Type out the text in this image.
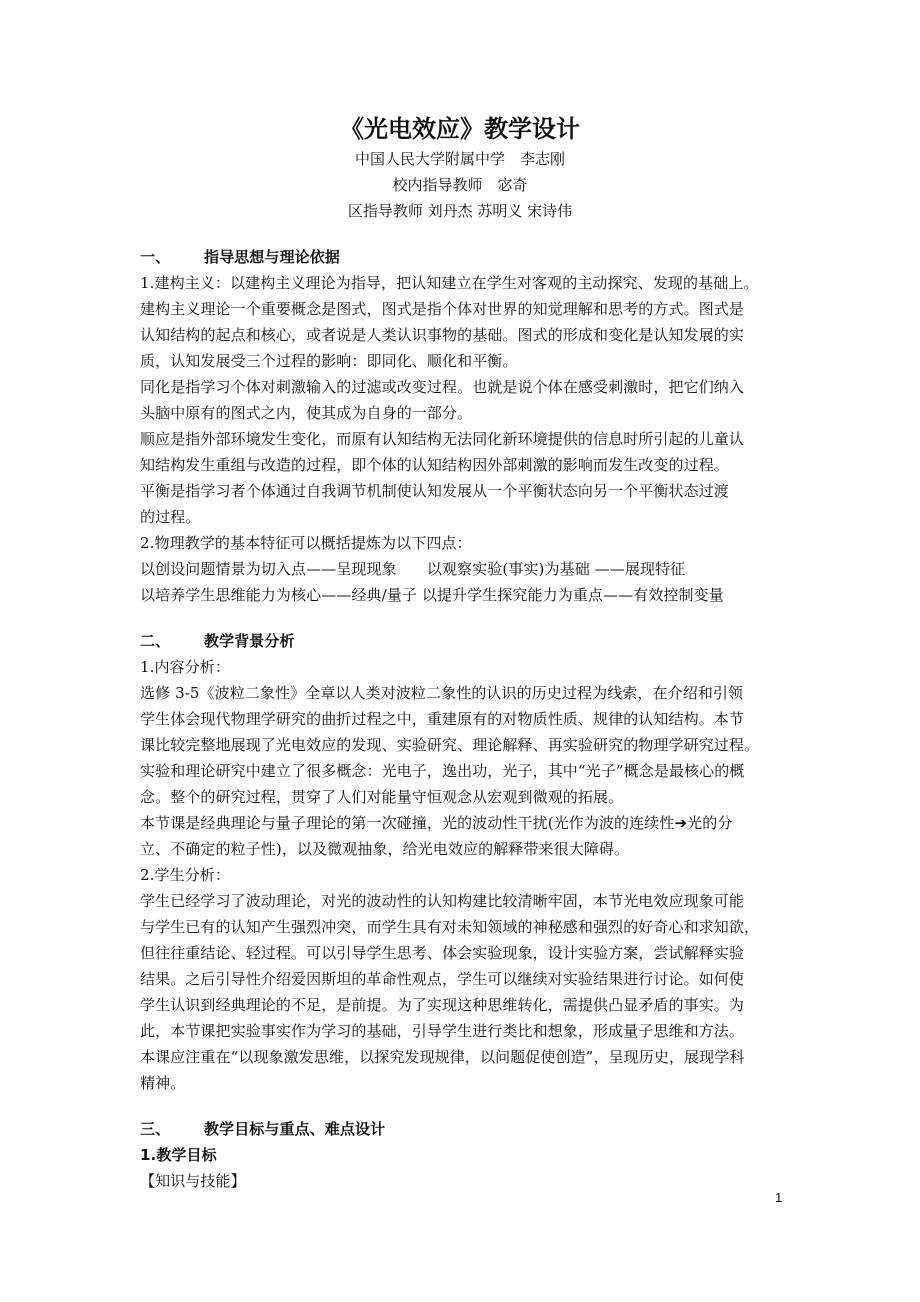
《光电效应》教学设计
中国人民大学附属中学　李志刚
校内指导教师　宓奇
区指导教师 刘丹杰 苏明义 宋诗伟
一、 指导思想与理论依据

1.建构主义：以建构主义理论为指导，把认知建立在学生对客观的主动探究、发现的基础上。

建构主义理论一个重要概念是图式，图式是指个体对世界的知觉理解和思考的方式。图式是

认知结构的起点和核心，或者说是人类认识事物的基础。图式的形成和变化是认知发展的实

质，认知发展受三个过程的影响：即同化、顺化和平衡。

同化是指学习个体对刺激输入的过滤或改变过程。也就是说个体在感受刺激时，把它们纳入

头脑中原有的图式之内，使其成为自身的一部分。

顺应是指外部环境发生变化，而原有认知结构无法同化新环境提供的信息时所引起的儿童认

知结构发生重组与改造的过程，即个体的认知结构因外部刺激的影响而发生改变的过程。

平衡是指学习者个体通过自我调节机制使认知发展从一个平衡状态向另一个平衡状态过渡

的过程。

2.物理教学的基本特征可以概括提炼为以下四点：

以创设问题情景为切入点——呈现现象　　以观察实验(事实)为基础 ——展现特征

以培养学生思维能力为核心——经典/量子 以提升学生探究能力为重点——有效控制变量

二、 教学背景分析

1.内容分析：

选修 3-5《波粒二象性》全章以人类对波粒二象性的认识的历史过程为线索，在介绍和引领

学生体会现代物理学研究的曲折过程之中，重建原有的对物质性质、规律的认知结构。本节

课比较完整地展现了光电效应的发现、实验研究、理论解释、再实验研究的物理学研究过程。

实验和理论研究中建立了很多概念：光电子，逸出功，光子，其中“光子”概念是最核心的概

念。整个的研究过程，贯穿了人们对能量守恒观念从宏观到微观的拓展。

本节课是经典理论与量子理论的第一次碰撞，光的波动性干扰(光作为波的连续性➔光的分

立、不确定的粒子性)，以及微观抽象，给光电效应的解释带来很大障碍。

2.学生分析：

学生已经学习了波动理论，对光的波动性的认知构建比较清晰牢固，本节光电效应现象可能

与学生已有的认知产生强烈冲突，而学生具有对未知领域的神秘感和强烈的好奇心和求知欲，

但往往重结论、轻过程。可以引导学生思考、体会实验现象，设计实验方案，尝试解释实验

结果。之后引导性介绍爱因斯坦的革命性观点，学生可以继续对实验结果进行讨论。如何使

学生认识到经典理论的不足，是前提。为了实现这种思维转化，需提供凸显矛盾的事实。为

此，本节课把实验事实作为学习的基础，引导学生进行类比和想象，形成量子思维和方法。

本课应注重在“以现象激发思维，以探究发现规律，以问题促使创造”，呈现历史，展现学科

精神。

三、 教学目标与重点、难点设计

1.教学目标

【知识与技能】

1
